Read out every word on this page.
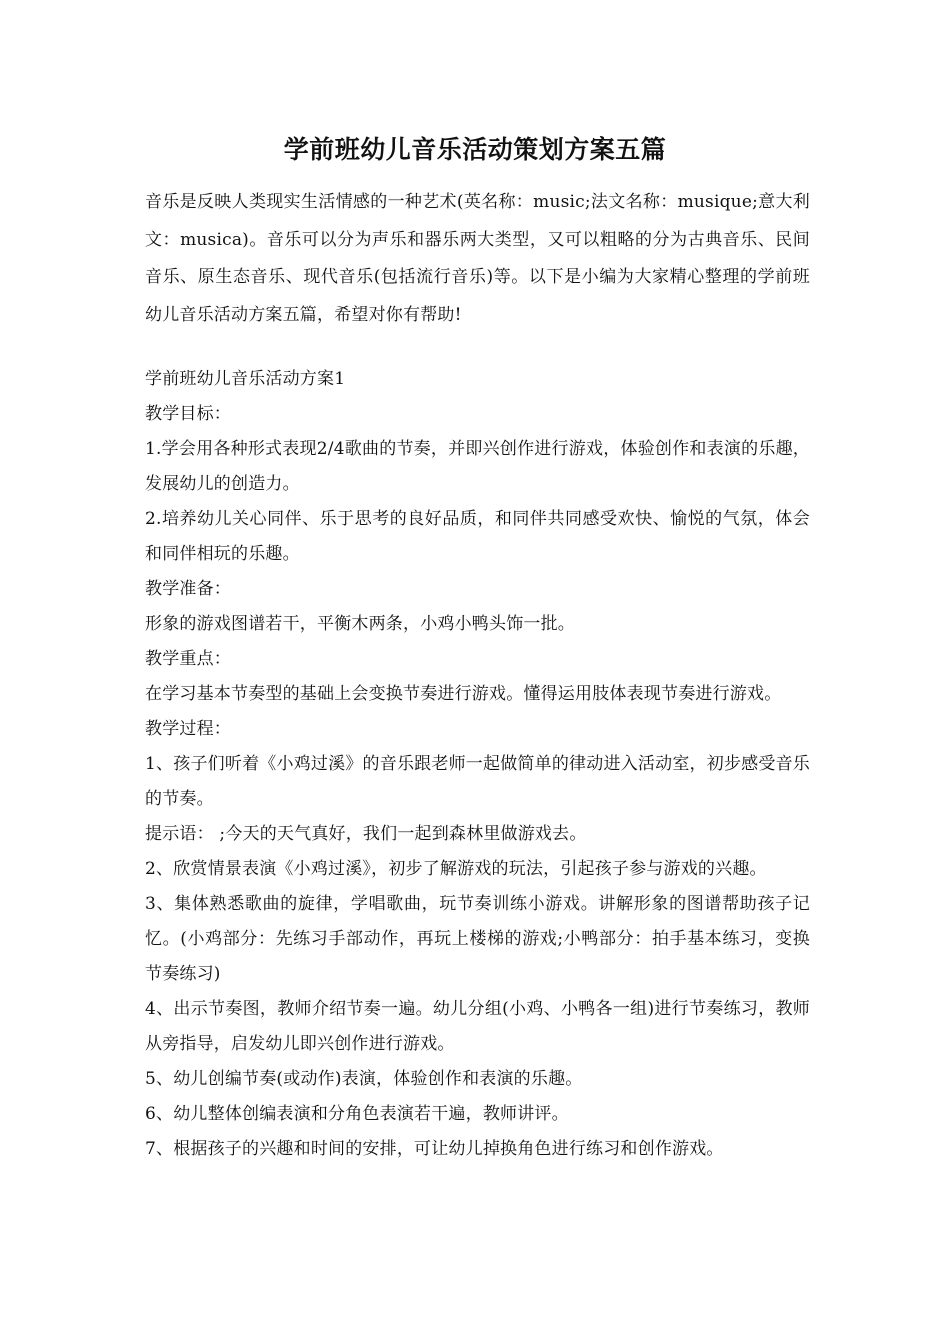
学前班幼儿音乐活动策划方案五篇

音乐是反映人类现实生活情感的一种艺术(英名称：music;法文名称：musique;意大利文：musica)。音乐可以分为声乐和器乐两大类型，又可以粗略的分为古典音乐、民间音乐、原生态音乐、现代音乐(包括流行音乐)等。以下是小编为大家精心整理的学前班幼儿音乐活动方案五篇，希望对你有帮助!

学前班幼儿音乐活动方案1

教学目标：

1.学会用各种形式表现2/4歌曲的节奏，并即兴创作进行游戏，体验创作和表演的乐趣，发展幼儿的创造力。

2.培养幼儿关心同伴、乐于思考的良好品质，和同伴共同感受欢快、愉悦的气氛，体会和同伴相玩的乐趣。

教学准备：

形象的游戏图谱若干，平衡木两条，小鸡小鸭头饰一批。

教学重点：

在学习基本节奏型的基础上会变换节奏进行游戏。懂得运用肢体表现节奏进行游戏。

教学过程：

1、孩子们听着《小鸡过溪》的音乐跟老师一起做简单的律动进入活动室，初步感受音乐的节奏。

提示语： ;今天的天气真好，我们一起到森林里做游戏去。

2、欣赏情景表演《小鸡过溪》，初步了解游戏的玩法，引起孩子参与游戏的兴趣。

3、集体熟悉歌曲的旋律，学唱歌曲，玩节奏训练小游戏。讲解形象的图谱帮助孩子记忆。(小鸡部分：先练习手部动作，再玩上楼梯的游戏;小鸭部分：拍手基本练习，变换节奏练习)

4、出示节奏图，教师介绍节奏一遍。幼儿分组(小鸡、小鸭各一组)进行节奏练习，教师从旁指导，启发幼儿即兴创作进行游戏。

5、幼儿创编节奏(或动作)表演，体验创作和表演的乐趣。

6、幼儿整体创编表演和分角色表演若干遍，教师讲评。

7、根据孩子的兴趣和时间的安排，可让幼儿掉换角色进行练习和创作游戏。
